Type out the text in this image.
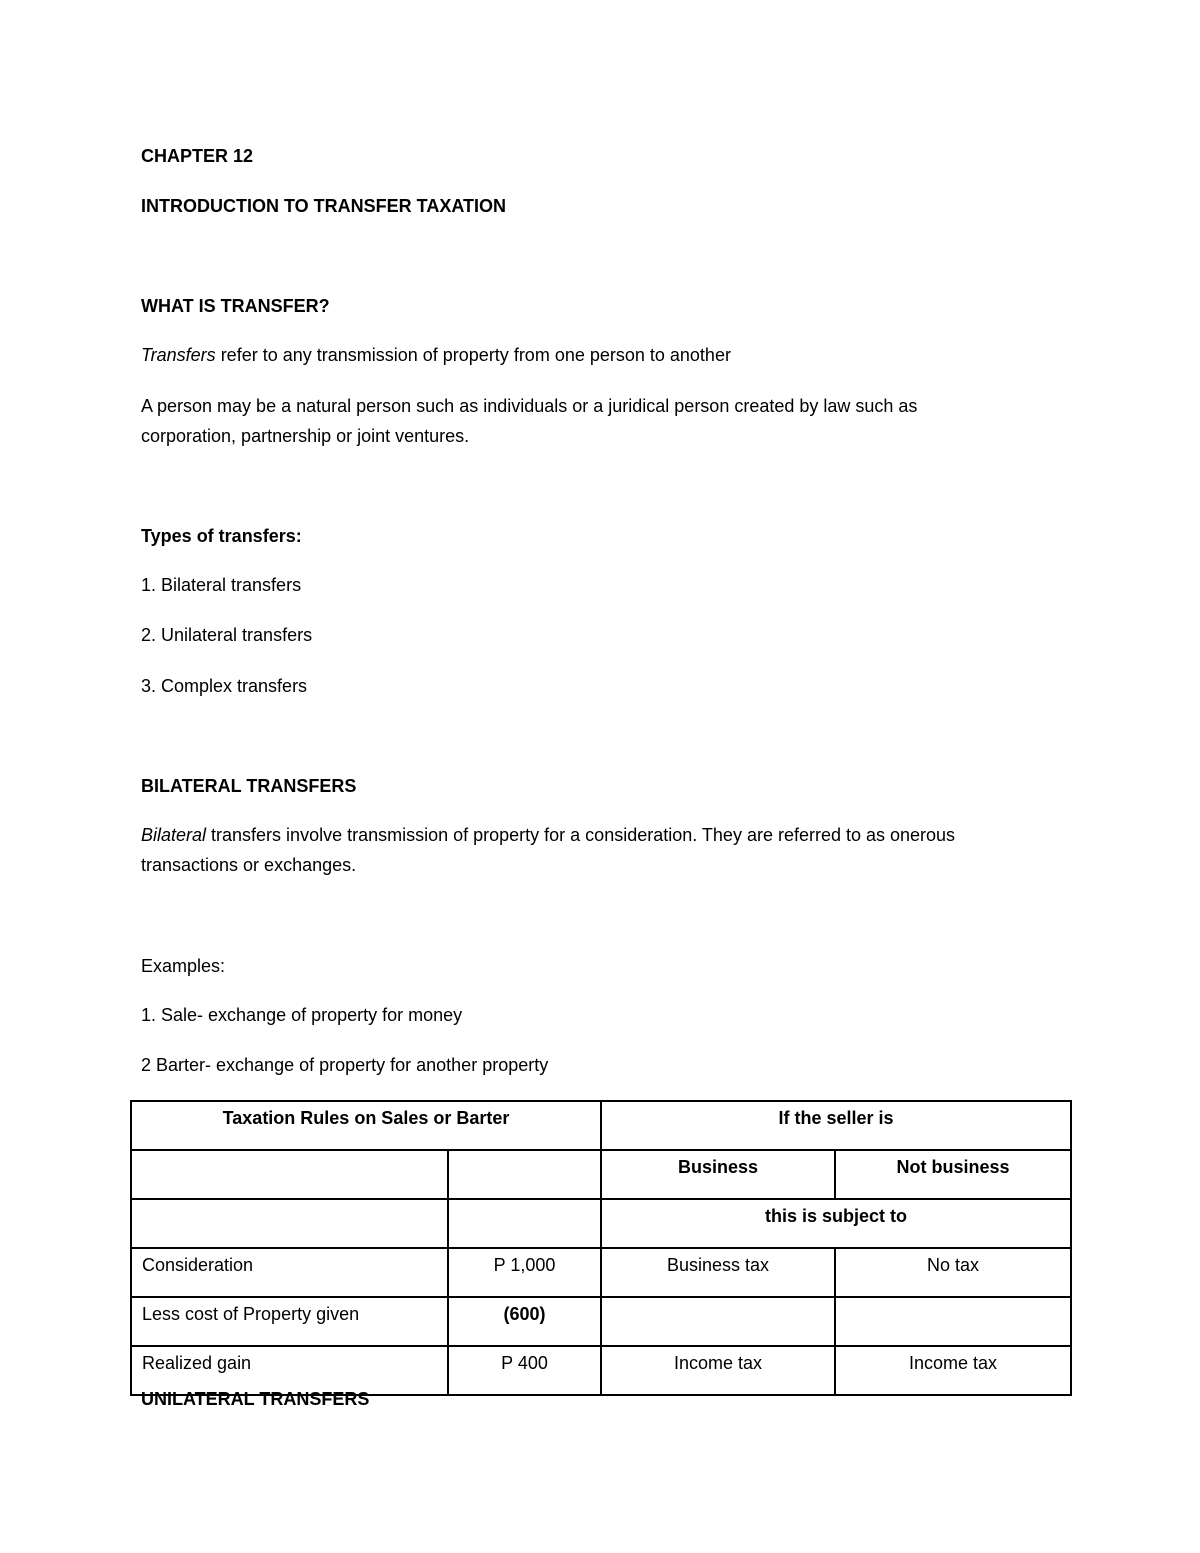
CHAPTER 12

INTRODUCTION TO TRANSFER TAXATION

WHAT IS TRANSFER?

Transfers refer to any transmission of property from one person to another

A person may be a natural person such as individuals or a juridical person created by law such as

corporation, partnership or joint ventures.

Types of transfers:

1. Bilateral transfers

2. Unilateral transfers

3. Complex transfers

BILATERAL TRANSFERS

Bilateral transfers involve transmission of property for a consideration. They are referred to as onerous

transactions or exchanges.

Examples:

1. Sale- exchange of property for money

2 Barter- exchange of property for another property

Taxation Rules on Sales or Barter		If the seller is	
		Business	Not business
		this is subject to	
Consideration	P 1,000	Business tax	No tax
Less cost of Property given	(600)		
Realized gain	P 400	Income tax	Income tax

UNILATERAL TRANSFERS
